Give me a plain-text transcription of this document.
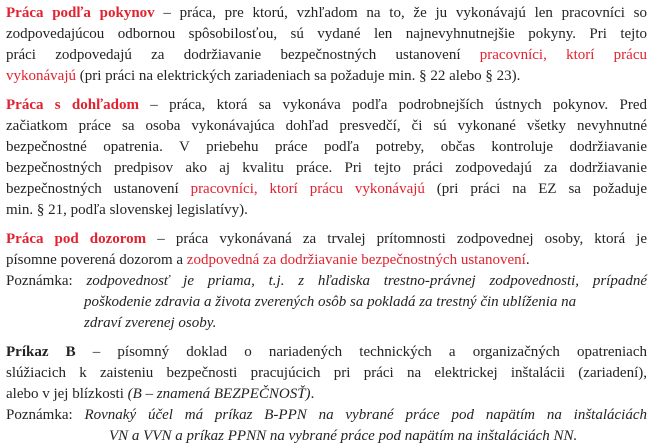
Práca podľa pokynov – práca, pre ktorú, vzhľadom na to, že ju vykonávajú len pracovníci so
zodpovedajúcou odbornou spôsobilosťou, sú vydané len najnevyhnutnejšie pokyny. Pri tejto
práci zodpovedajú za dodržiavanie bezpečnostných ustanovení pracovníci, ktorí prácu
vykonávajú (pri práci na elektrických zariadeniach sa požaduje min. § 22 alebo § 23).
Práca s dohľadom – práca, ktorá sa vykonáva podľa podrobnejších ústnych pokynov. Pred
začiatkom práce sa osoba vykonávajúca dohľad presvedčí, či sú vykonané všetky nevyhnutné
bezpečnostné opatrenia. V priebehu práce podľa potreby, občas kontroluje dodržiavanie
bezpečnostných predpisov ako aj kvalitu práce. Pri tejto práci zodpovedajú za dodržiavanie
bezpečnostných ustanovení pracovníci, ktorí prácu vykonávajú (pri práci na EZ sa požaduje
min. § 21, podľa slovenskej legislatívy).
Práca pod dozorom – práca vykonávaná za trvalej prítomnosti zodpovednej osoby, ktorá je
písomne poverená dozorom a zodpovedná za dodržiavanie bezpečnostných ustanovení.
Poznámka: zodpovednosť je priama, t.j. z hľadiska trestno-právnej zodpovednosti, prípadné
poškodenie zdravia a života zverených osôb sa pokladá za trestný čin ublíženia na
zdraví zverenej osoby.
Príkaz B – písomný doklad o nariadených technických a organizačných opatreniach
slúžiacich k zaisteniu bezpečnosti pracujúcich pri práci na elektrickej inštalácii (zariadení),
alebo v jej blízkosti (B – znamená BEZPEČNOSŤ).
Poznámka: Rovnaký účel má príkaz B-PPN na vybrané práce pod napätím na inštaláciách
VN a VVN a príkaz PPNN na vybrané práce pod napätím na inštaláciách NN.
